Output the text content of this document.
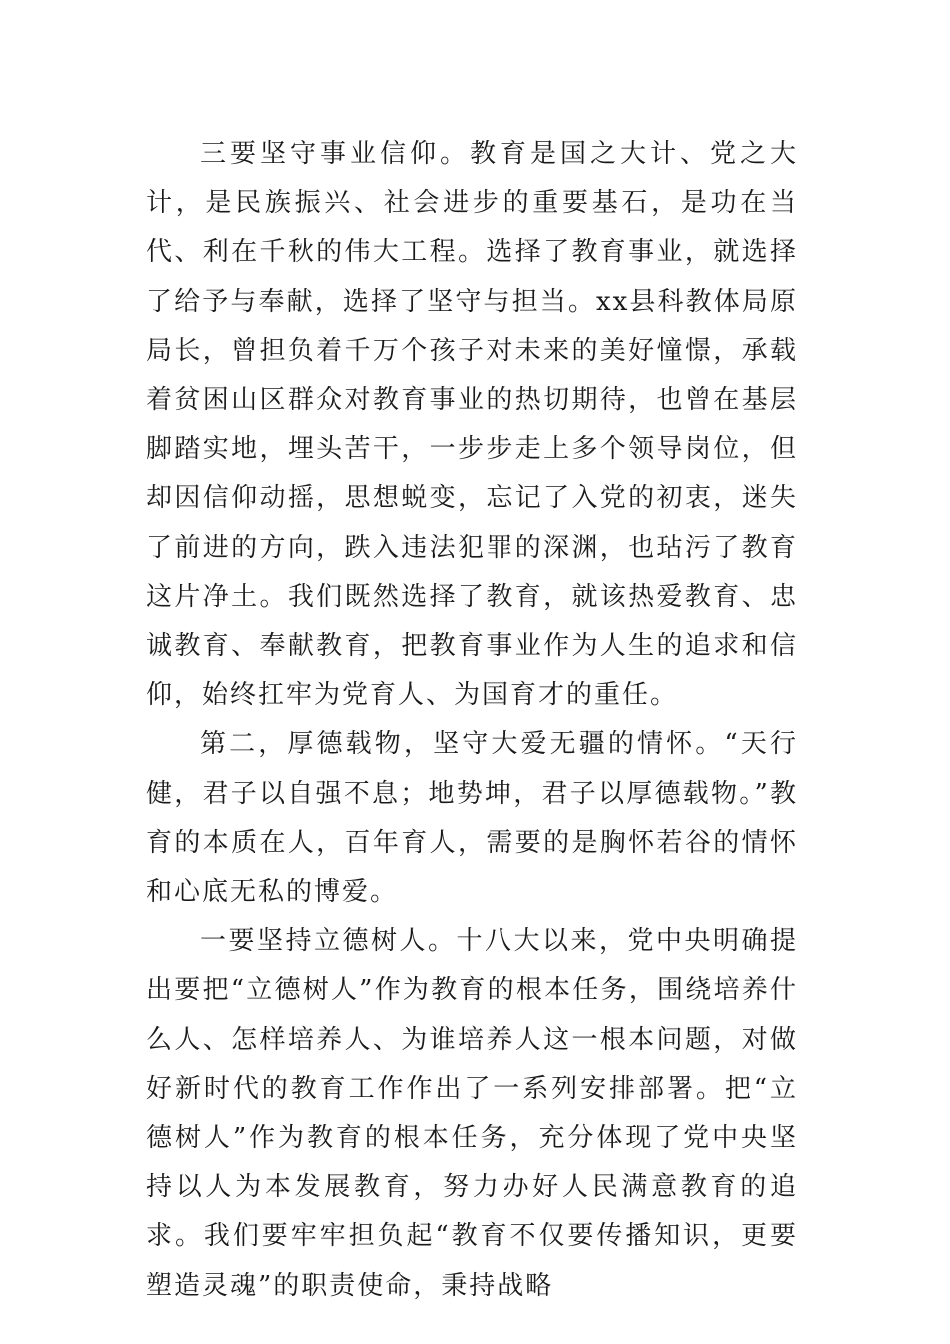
三要坚守事业信仰。教育是国之大计、党之大计，是民族振兴、社会进步的重要基石，是功在当代、利在千秋的伟大工程。选择了教育事业，就选择了给予与奉献，选择了坚守与担当。xx县科教体局原局长，曾担负着千万个孩子对未来的美好憧憬，承载着贫困山区群众对教育事业的热切期待，也曾在基层脚踏实地，埋头苦干，一步步走上多个领导岗位，但却因信仰动摇，思想蜕变，忘记了入党的初衷，迷失了前进的方向，跌入违法犯罪的深渊，也玷污了教育这片净土。我们既然选择了教育，就该热爱教育、忠诚教育、奉献教育，把教育事业作为人生的追求和信仰，始终扛牢为党育人、为国育才的重任。

第二，厚德载物，坚守大爱无疆的情怀。“天行健，君子以自强不息；地势坤，君子以厚德载物。”教育的本质在人，百年育人，需要的是胸怀若谷的情怀和心底无私的博爱。

一要坚持立德树人。十八大以来，党中央明确提出要把“立德树人”作为教育的根本任务，围绕培养什么人、怎样培养人、为谁培养人这一根本问题，对做好新时代的教育工作作出了一系列安排部署。把“立德树人”作为教育的根本任务，充分体现了党中央坚持以人为本发展教育，努力办好人民满意教育的追求。我们要牢牢担负起“教育不仅要传播知识，更要塑造灵魂”的职责使命，秉持战略
